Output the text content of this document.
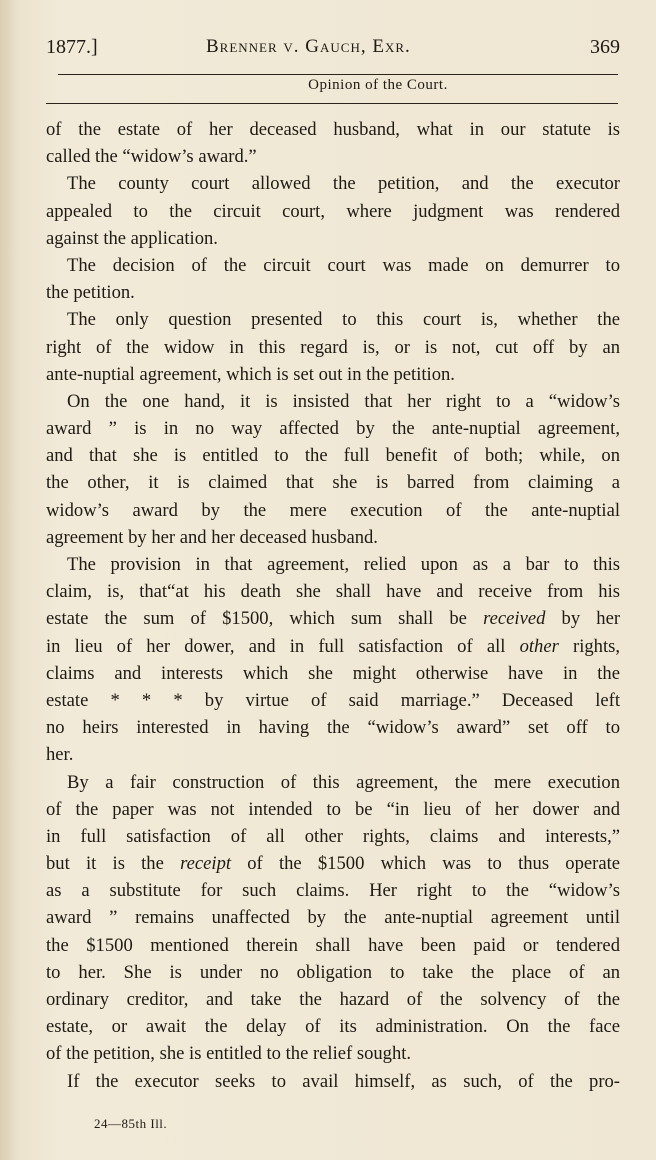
1877.]	Brenner v. Gauch, Exr.	369
Opinion of the Court.
of the estate of her deceased husband, what in our statute is
called the “widow’s award.”
The county court allowed the petition, and the executor
appealed to the circuit court, where judgment was rendered
against the application.
The decision of the circuit court was made on demurrer to
the petition.
The only question presented to this court is, whether the
right of the widow in this regard is, or is not, cut off by an
ante-nuptial agreement, which is set out in the petition.
On the one hand, it is insisted that her right to a “widow’s
award ” is in no way affected by the ante-nuptial agreement,
and that she is entitled to the full benefit of both; while, on
the other, it is claimed that she is barred from claiming a
widow’s award by the mere execution of the ante-nuptial
agreement by her and her deceased husband.
The provision in that agreement, relied upon as a bar to this
claim, is, that“at his death she shall have and receive from his
estate the sum of $1500, which sum shall be received by her
in lieu of her dower, and in full satisfaction of all other rights,
claims and interests which she might otherwise have in the
estate * * * by virtue of said marriage.” Deceased left
no heirs interested in having the “widow’s award” set off to
her.
By a fair construction of this agreement, the mere execution
of the paper was not intended to be “in lieu of her dower and
in full satisfaction of all other rights, claims and interests,”
but it is the receipt of the $1500 which was to thus operate
as a substitute for such claims. Her right to the “widow’s
award ” remains unaffected by the ante-nuptial agreement until
the $1500 mentioned therein shall have been paid or tendered
to her. She is under no obligation to take the place of an
ordinary creditor, and take the hazard of the solvency of the
estate, or await the delay of its administration. On the face
of the petition, she is entitled to the relief sought.
If the executor seeks to avail himself, as such, of the pro-
24—85th Ill.
